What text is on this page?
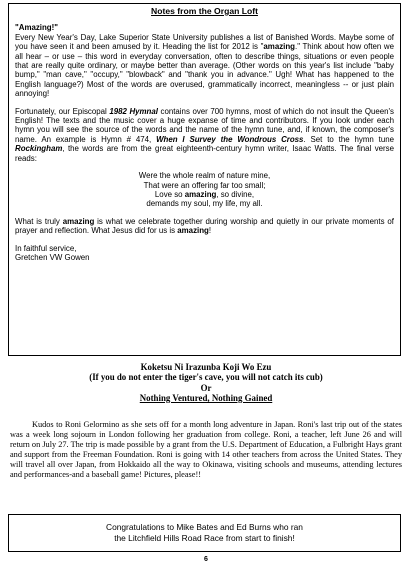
Notes from the Organ Loft

"Amazing!"
Every New Year's Day, Lake Superior State University publishes a list of Banished Words. Maybe some of you have seen it and been amused by it. Heading the list for 2012 is "amazing." Think about how often we all hear – or use – this word in everyday conversation, often to describe things, situations or even people that are really quite ordinary, or maybe better than average. (Other words on this year's list include "baby bump," "man cave," "occupy," "blowback" and "thank you in advance." Ugh! What has happened to the English language?) Most of the words are overused, grammatically incorrect, meaningless -- or just plain annoying!

Fortunately, our Episcopal 1982 Hymnal contains over 700 hymns, most of which do not insult the Queen's English! The texts and the music cover a huge expanse of time and contributors. If you look under each hymn you will see the source of the words and the name of the hymn tune, and, if known, the composer's name. An example is Hymn # 474, When I Survey the Wondrous Cross. Set to the hymn tune Rockingham, the words are from the great eighteenth-century hymn writer, Isaac Watts. The final verse reads:

Were the whole realm of nature mine,
That were an offering far too small;
Love so amazing, so divine,
demands my soul, my life, my all.

What is truly amazing is what we celebrate together during worship and quietly in our private moments of prayer and reflection. What Jesus did for us is amazing!

In faithful service,
Gretchen VW Gowen

Koketsu Ni Irazunba Koji Wo Ezu
(If you do not enter the tiger's cave, you will not catch its cub)
Or
Nothing Ventured, Nothing Gained
Kudos to Roni Gelormino as she sets off for a month long adventure in Japan. Roni's last trip out of the states was a week long sojourn in London following her graduation from college. Roni, a teacher, left June 26 and will return on July 27. The trip is made possible by a grant from the U.S. Department of Education, a Fulbright Hays grant and support from the Freeman Foundation. Roni is going with 14 other teachers from across the United States. They will travel all over Japan, from Hokkaido all the way to Okinawa, visiting schools and museums, attending lectures and performances-and a baseball game! Pictures, please!!
Congratulations to Mike Bates and Ed Burns who ran
the Litchfield Hills Road Race from start to finish!
6
